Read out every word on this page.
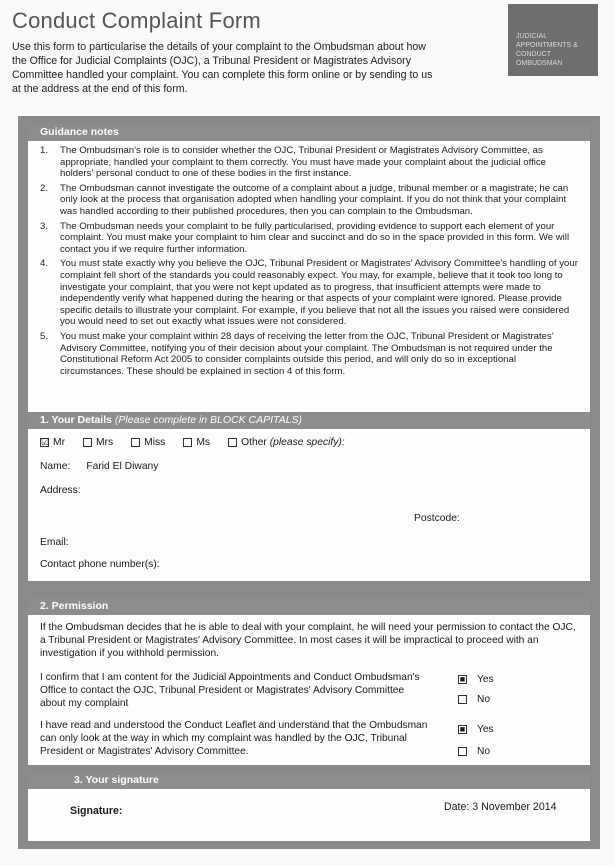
Conduct Complaint Form
Use this form to particularise the details of your complaint to the Ombudsman about how the Office for Judicial Complaints (OJC), a Tribunal President or Magistrates Advisory Committee handled your complaint. You can complete this form online or by sending to us at the address at the end of this form.
JUDICIAL APPOINTMENTS & CONDUCT OMBUDSMAN
Guidance notes
1. The Ombudsman's role is to consider whether the OJC, Tribunal President or Magistrates Advisory Committee, as appropriate, handled your complaint to them correctly. You must have made your complaint about the judicial office holders' personal conduct to one of these bodies in the first instance.
2. The Ombudsman cannot investigate the outcome of a complaint about a judge, tribunal member or a magistrate; he can only look at the process that organisation adopted when handling your complaint. If you do not think that your complaint was handled according to their published procedures, then you can complain to the Ombudsman.
3. The Ombudsman needs your complaint to be fully particularised, providing evidence to support each element of your complaint. You must make your complaint to him clear and succinct and do so in the space provided in this form. We will contact you if we require further information.
4. You must state exactly why you believe the OJC, Tribunal President or Magistrates' Advisory Committee's handling of your complaint fell short of the standards you could reasonably expect. You may, for example, believe that it took too long to investigate your complaint, that you were not kept updated as to progress, that insufficient attempts were made to independently verify what happened during the hearing or that aspects of your complaint were ignored. Please provide specific details to illustrate your complaint. For example, if you believe that not all the issues you raised were considered you would need to set out exactly what issues were not considered.
5. You must make your complaint within 28 days of receiving the letter from the OJC, Tribunal President or Magistrates' Advisory Committee, notifying you of their decision about your complaint. The Ombudsman is not required under the Constitutional Reform Act 2005 to consider complaints outside this period, and will only do so in exceptional circumstances. These should be explained in section 4 of this form.
1. Your Details (Please complete in BLOCK CAPITALS)
☑ Mr	Mrs	Miss	Ms	Other
(please specify):
Name: Farid El Diwany
Address:
Postcode:
Email:
Contact phone number(s):
2. Permission
If the Ombudsman decides that he is able to deal with your complaint, he will need your permission to contact the OJC, a Tribunal President or Magistrates' Advisory Committee. In most cases it will be impractical to proceed with an investigation if you withhold permission.
I confirm that I am content for the Judicial Appointments and Conduct Ombudsman's Office to contact the OJC, Tribunal President or Magistrates' Advisory Committee about my complaint
■ Yes
No
I have read and understood the Conduct Leaflet and understand that the Ombudsman can only look at the way in which my complaint was handled by the OJC, Tribunal President or Magistrates' Advisory Committee.
■ Yes
No
3. Your signature
Signature:	Date: 3 November 2014
